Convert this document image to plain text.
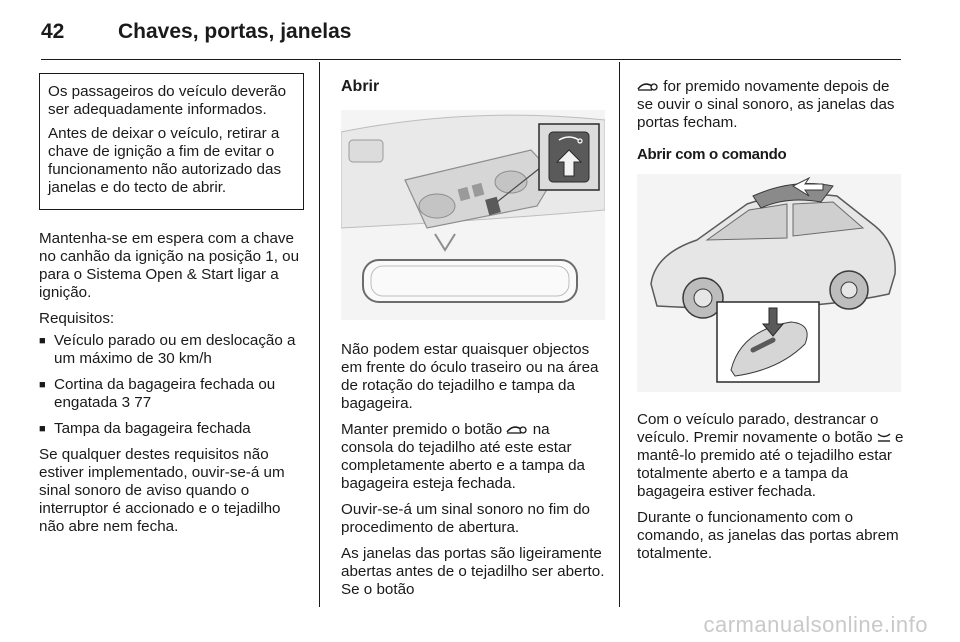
42	Chaves, portas, janelas

Os passageiros do veículo deverão ser adequadamente informados.

Antes de deixar o veículo, retirar a chave de ignição a fim de evitar o funcionamento não autorizado das janelas e do tecto de abrir.

Mantenha-se em espera com a chave no canhão da ignição na posição 1, ou para o Sistema Open & Start ligar a ignição.

Requisitos:

■ Veículo parado ou em deslocação a um máximo de 30 km/h
■ Cortina da bagageira fechada ou engatada 3 77
■ Tampa da bagageira fechada

Se qualquer destes requisitos não estiver implementado, ouvir-se-á um sinal sonoro de aviso quando o interruptor é accionado e o tejadilho não abre nem fecha.

Abrir

Não podem estar quaisquer objectos em frente do óculo traseiro ou na área de rotação do tejadilho e tampa da bagageira.

Manter premido o botão na consola do tejadilho até este estar completamente aberto e a tampa da bagageira esteja fechada.

Ouvir-se-á um sinal sonoro no fim do procedimento de abertura.

As janelas das portas são ligeiramente abertas antes de o tejadilho ser aberto. Se o botão

for premido novamente depois de se ouvir o sinal sonoro, as janelas das portas fecham.

Abrir com o comando

Com o veículo parado, destrancar o veículo. Premir novamente o botão e mantê-lo premido até o tejadilho estar totalmente aberto e a tampa da bagageira estiver fechada.

Durante o funcionamento com o comando, as janelas das portas abrem totalmente.

carmanualsonline.info
